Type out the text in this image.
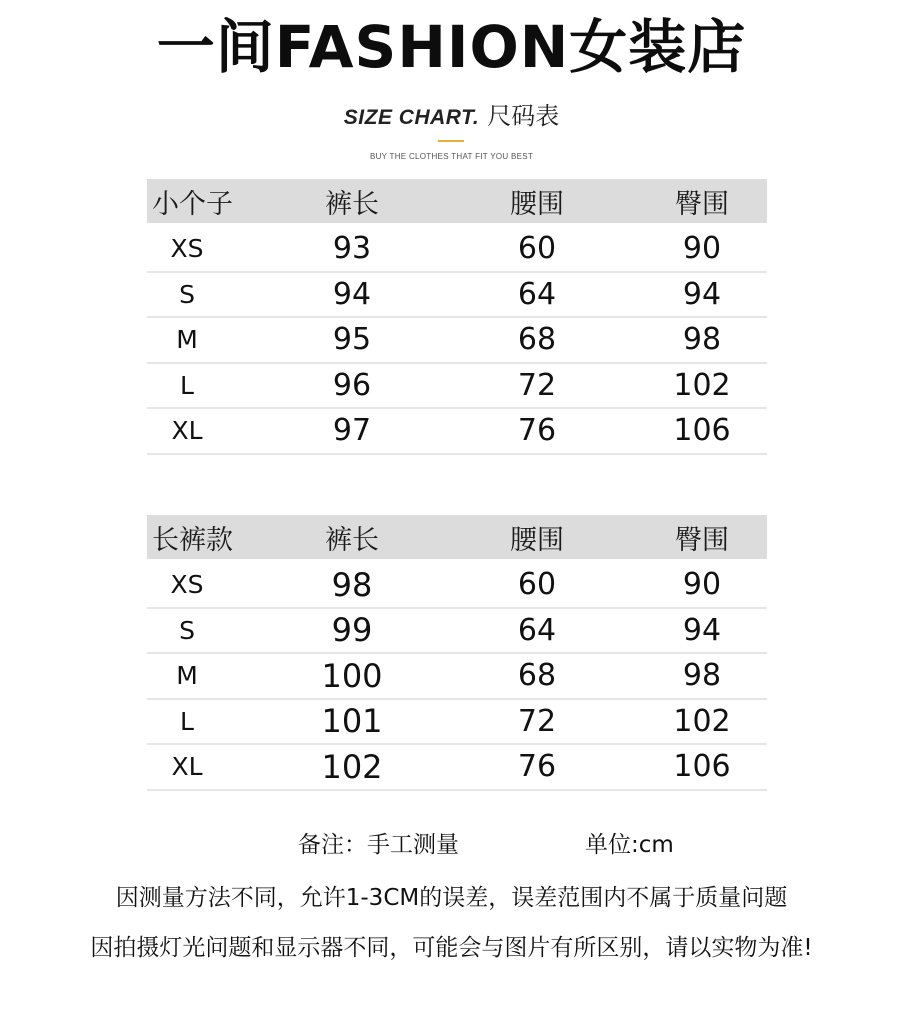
一间FASHION女装店
SIZE CHART. 尺码表
BUY THE CLOTHES THAT FIT YOU BEST
小个子	裤长	腰围	臀围
XS	93	60	90
S	94	64	94
M	95	68	98
L	96	72	102
XL	97	76	106
长裤款	裤长	腰围	臀围
XS	98	60	90
S	99	64	94
M	100	68	98
L	101	72	102
XL	102	76	106
备注：手工测量	单位:cm
因测量方法不同，允许1-3CM的误差，误差范围内不属于质量问题
因拍摄灯光问题和显示器不同，可能会与图片有所区别，请以实物为准!
